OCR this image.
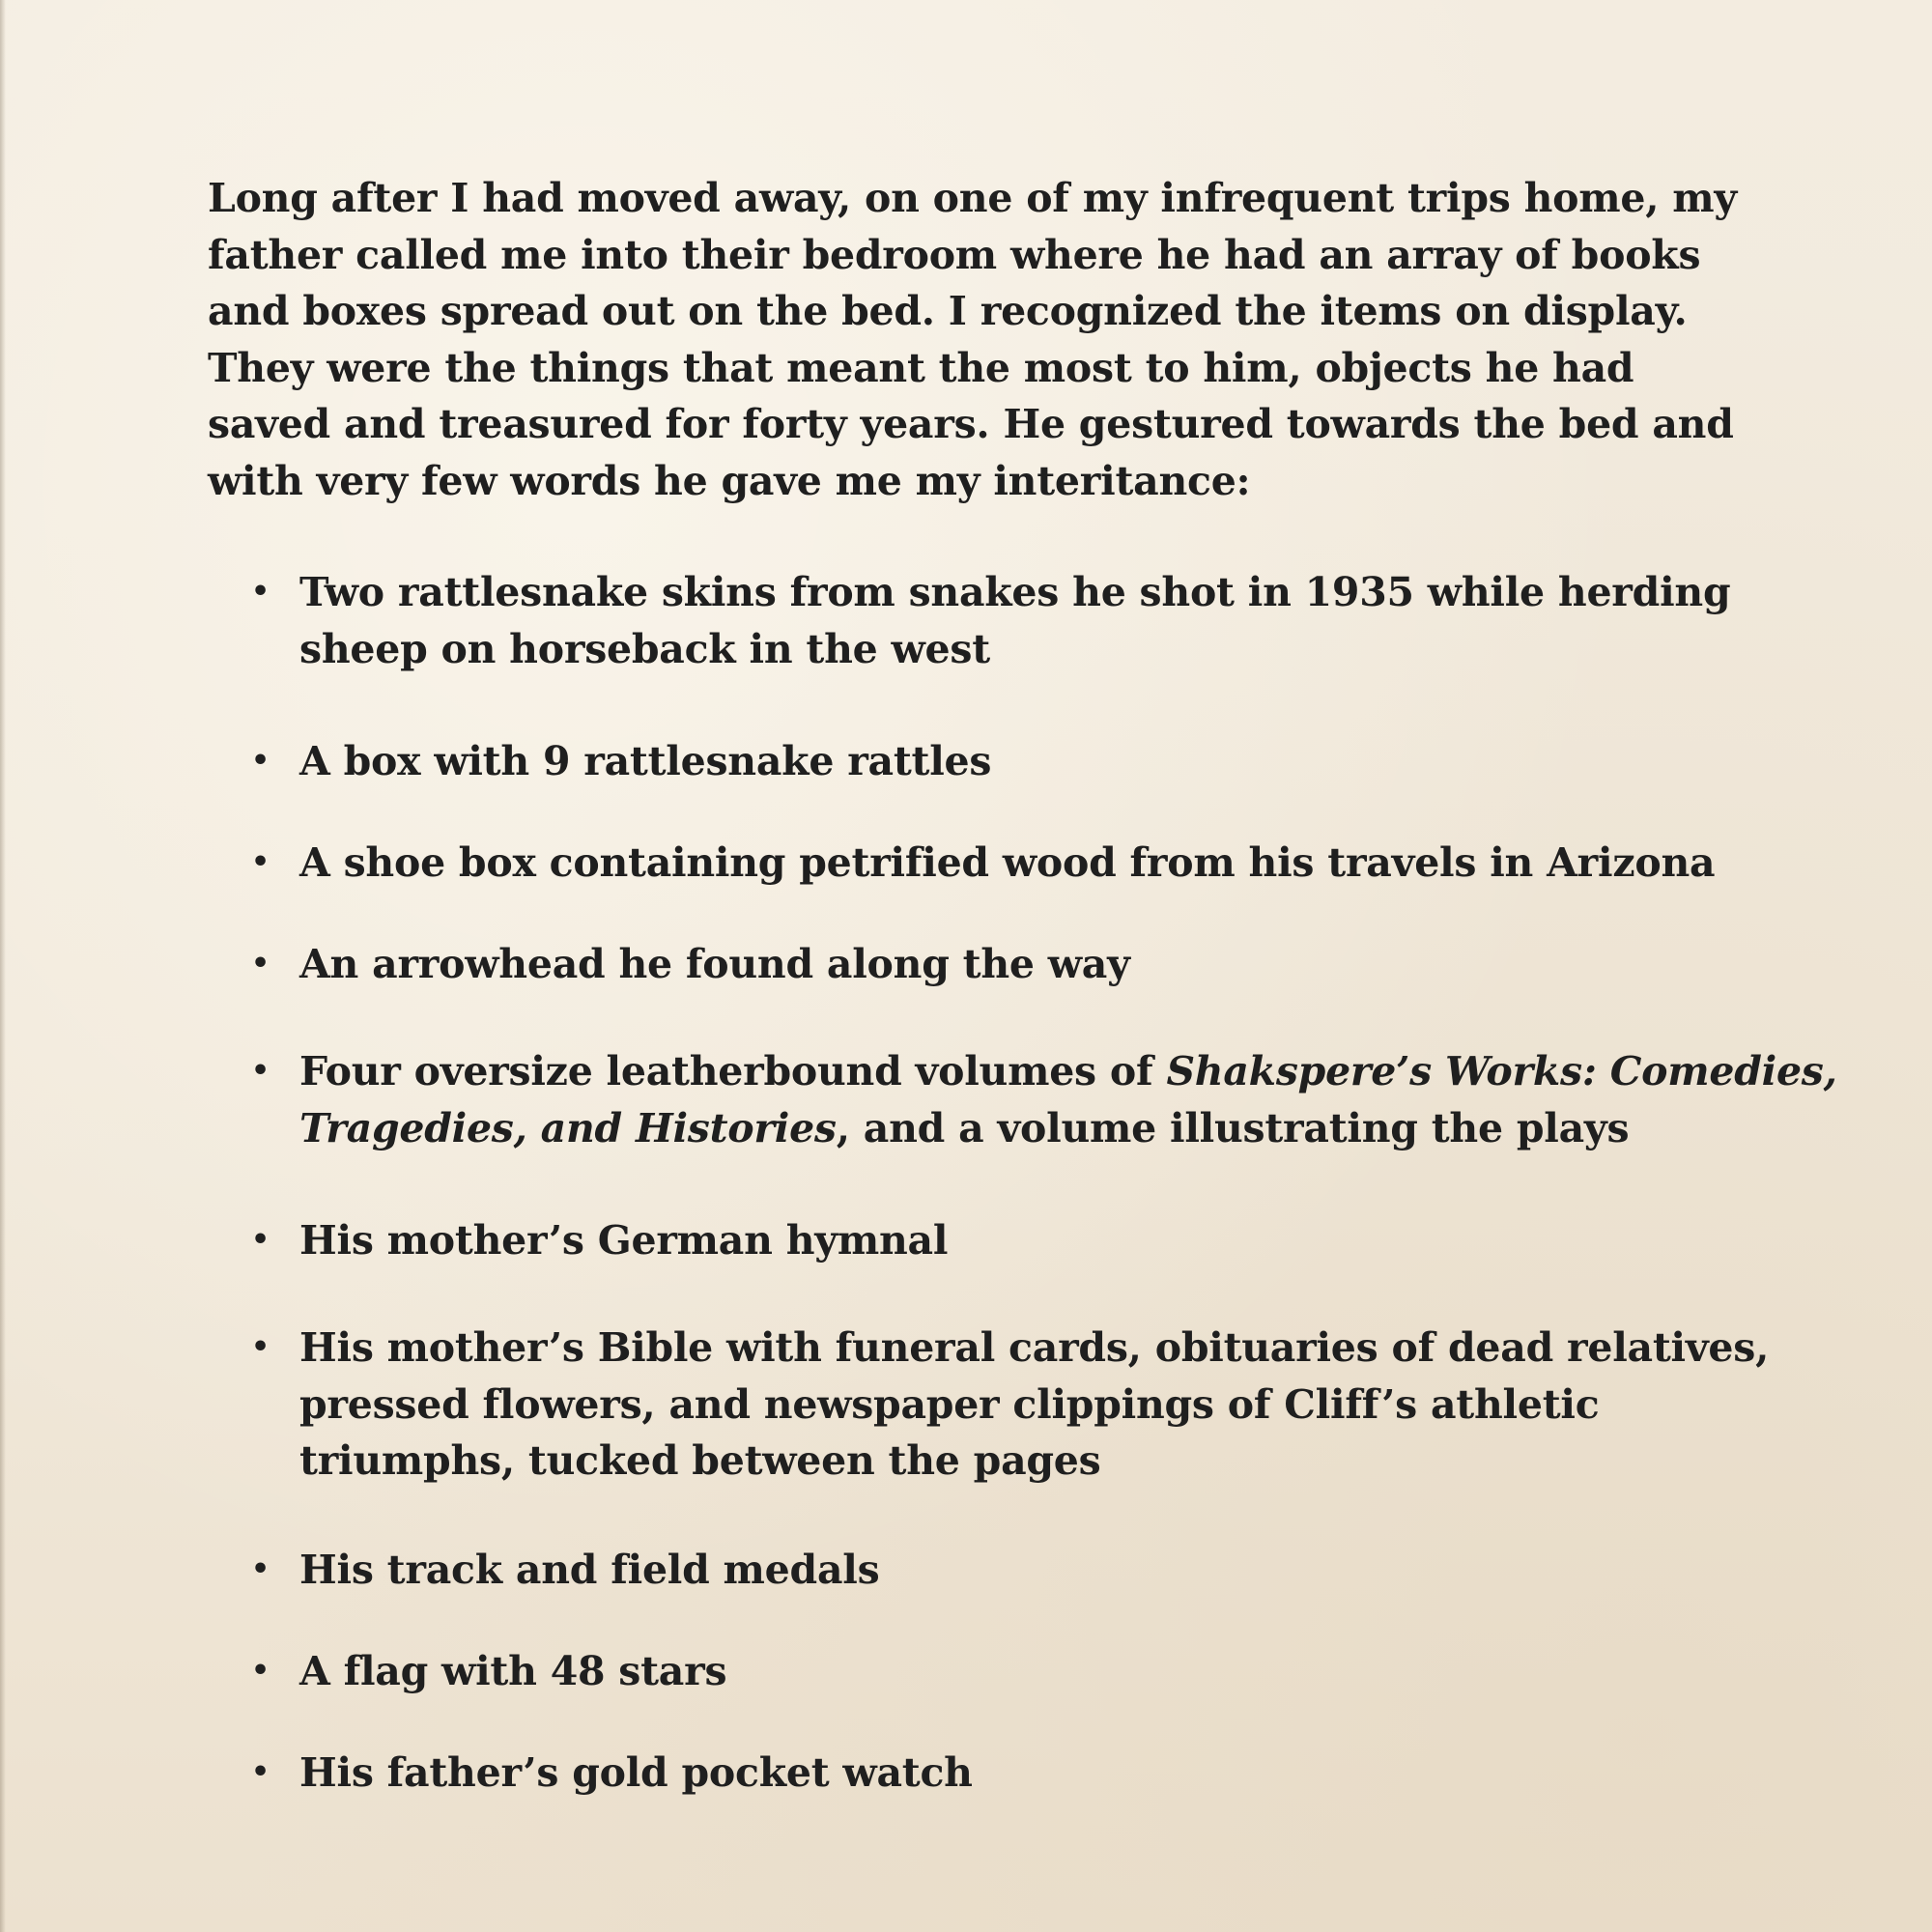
Long after I had moved away, on one of my infrequent trips home, my
father called me into their bedroom where he had an array of books
and boxes spread out on the bed. I recognized the items on display.
They were the things that meant the most to him, objects he had
saved and treasured for forty years. He gestured towards the bed and
with very few words he gave me my interitance:

• Two rattlesnake skins from snakes he shot in 1935 while herding
sheep on horseback in the west
• A box with 9 rattlesnake rattles
• A shoe box containing petrified wood from his travels in Arizona
• An arrowhead he found along the way
• Four oversize leatherbound volumes of Shakspere’s Works: Comedies,
Tragedies, and Histories, and a volume illustrating the plays
• His mother’s German hymnal
• His mother’s Bible with funeral cards, obituaries of dead relatives,
pressed flowers, and newspaper clippings of Cliff’s athletic
triumphs, tucked between the pages
• His track and field medals
• A flag with 48 stars
• His father’s gold pocket watch
